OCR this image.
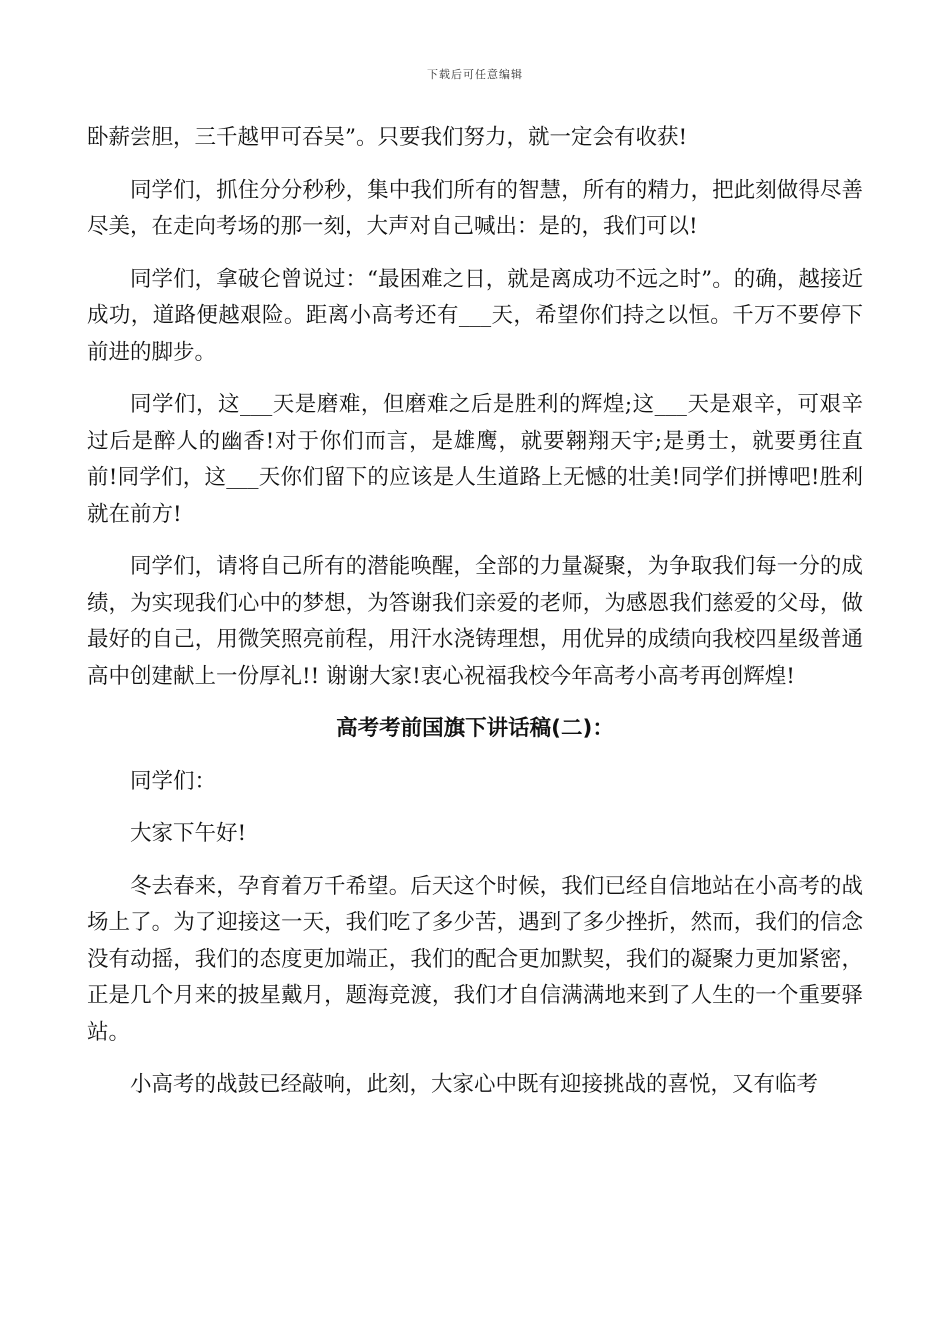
下载后可任意编辑

卧薪尝胆，三千越甲可吞吴”。只要我们努力，就一定会有收获!

同学们，抓住分分秒秒，集中我们所有的智慧，所有的精力，把此刻做得尽善尽美，在走向考场的那一刻，大声对自己喊出：是的，我们可以!

同学们，拿破仑曾说过：“最困难之日，就是离成功不远之时”。的确，越接近成功，道路便越艰险。距离小高考还有___天，希望你们持之以恒。千万不要停下前进的脚步。

同学们，这___天是磨难，但磨难之后是胜利的辉煌;这___天是艰辛，可艰辛过后是醉人的幽香!对于你们而言，是雄鹰，就要翱翔天宇;是勇士，就要勇往直前!同学们，这___天你们留下的应该是人生道路上无憾的壮美!同学们拼博吧!胜利就在前方!

同学们，请将自己所有的潜能唤醒，全部的力量凝聚，为争取我们每一分的成绩，为实现我们心中的梦想，为答谢我们亲爱的老师，为感恩我们慈爱的父母，做最好的自己，用微笑照亮前程，用汗水浇铸理想，用优异的成绩向我校四星级普通高中创建献上一份厚礼!! 谢谢大家!衷心祝福我校今年高考小高考再创辉煌!

高考考前国旗下讲话稿(二)：

同学们：

大家下午好!

冬去春来，孕育着万千希望。后天这个时候，我们已经自信地站在小高考的战场上了。为了迎接这一天，我们吃了多少苦，遇到了多少挫折，然而，我们的信念没有动摇，我们的态度更加端正，我们的配合更加默契，我们的凝聚力更加紧密，正是几个月来的披星戴月，题海竞渡，我们才自信满满地来到了人生的一个重要驿站。

小高考的战鼓已经敲响，此刻，大家心中既有迎接挑战的喜悦，又有临考
